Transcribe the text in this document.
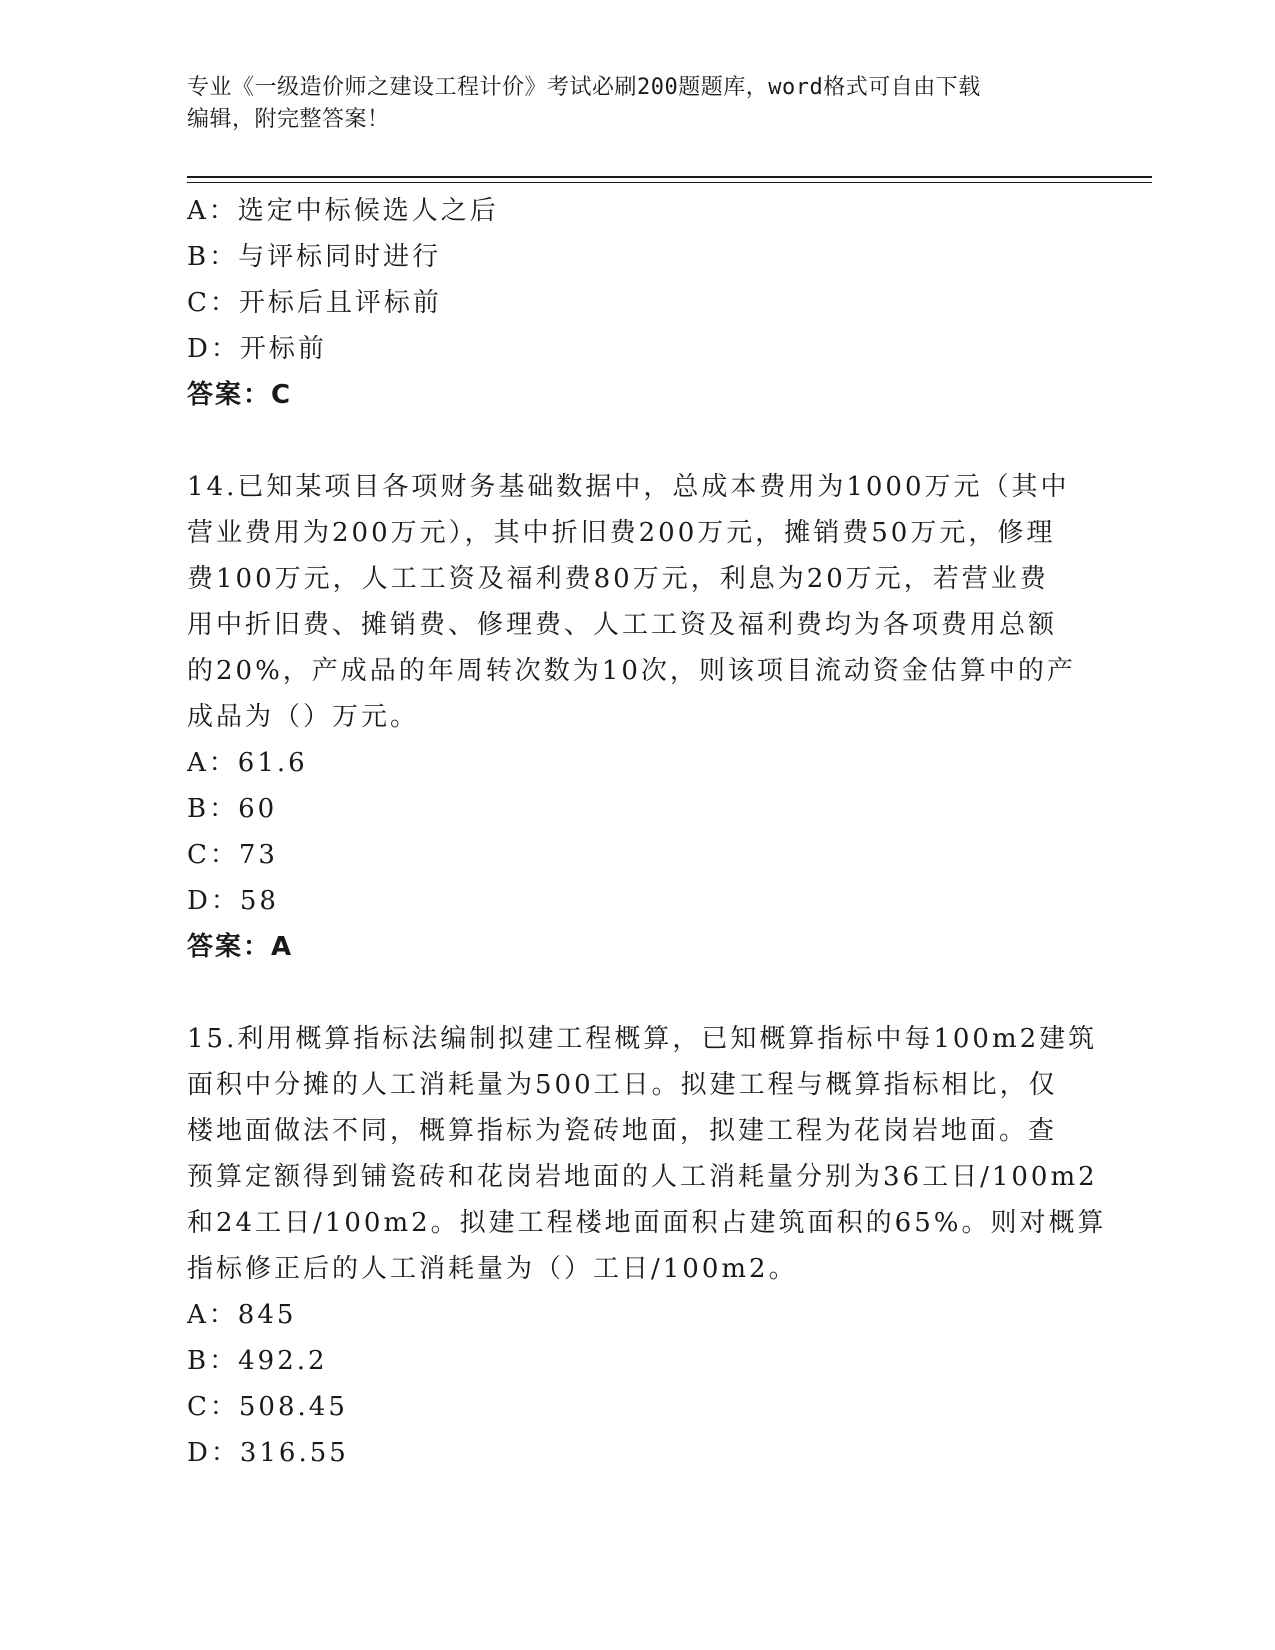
专业《一级造价师之建设工程计价》考试必刷200题题库，word格式可自由下载
编辑，附完整答案！
A：选定中标候选人之后
B：与评标同时进行
C：开标后且评标前
D：开标前
答案：C
14.已知某项目各项财务基础数据中，总成本费用为1000万元（其中
营业费用为200万元），其中折旧费200万元，摊销费50万元，修理
费100万元，人工工资及福利费80万元，利息为20万元，若营业费
用中折旧费、摊销费、修理费、人工工资及福利费均为各项费用总额
的20%，产成品的年周转次数为10次，则该项目流动资金估算中的产
成品为（）万元。
A：61.6
B：60
C：73
D：58
答案：A
15.利用概算指标法编制拟建工程概算，已知概算指标中每100m2建筑
面积中分摊的人工消耗量为500工日。拟建工程与概算指标相比，仅
楼地面做法不同，概算指标为瓷砖地面，拟建工程为花岗岩地面。查
预算定额得到铺瓷砖和花岗岩地面的人工消耗量分别为36工日/100m2
和24工日/100m2。拟建工程楼地面面积占建筑面积的65%。则对概算
指标修正后的人工消耗量为（）工日/100m2。
A：845
B：492.2
C：508.45
D：316.55
